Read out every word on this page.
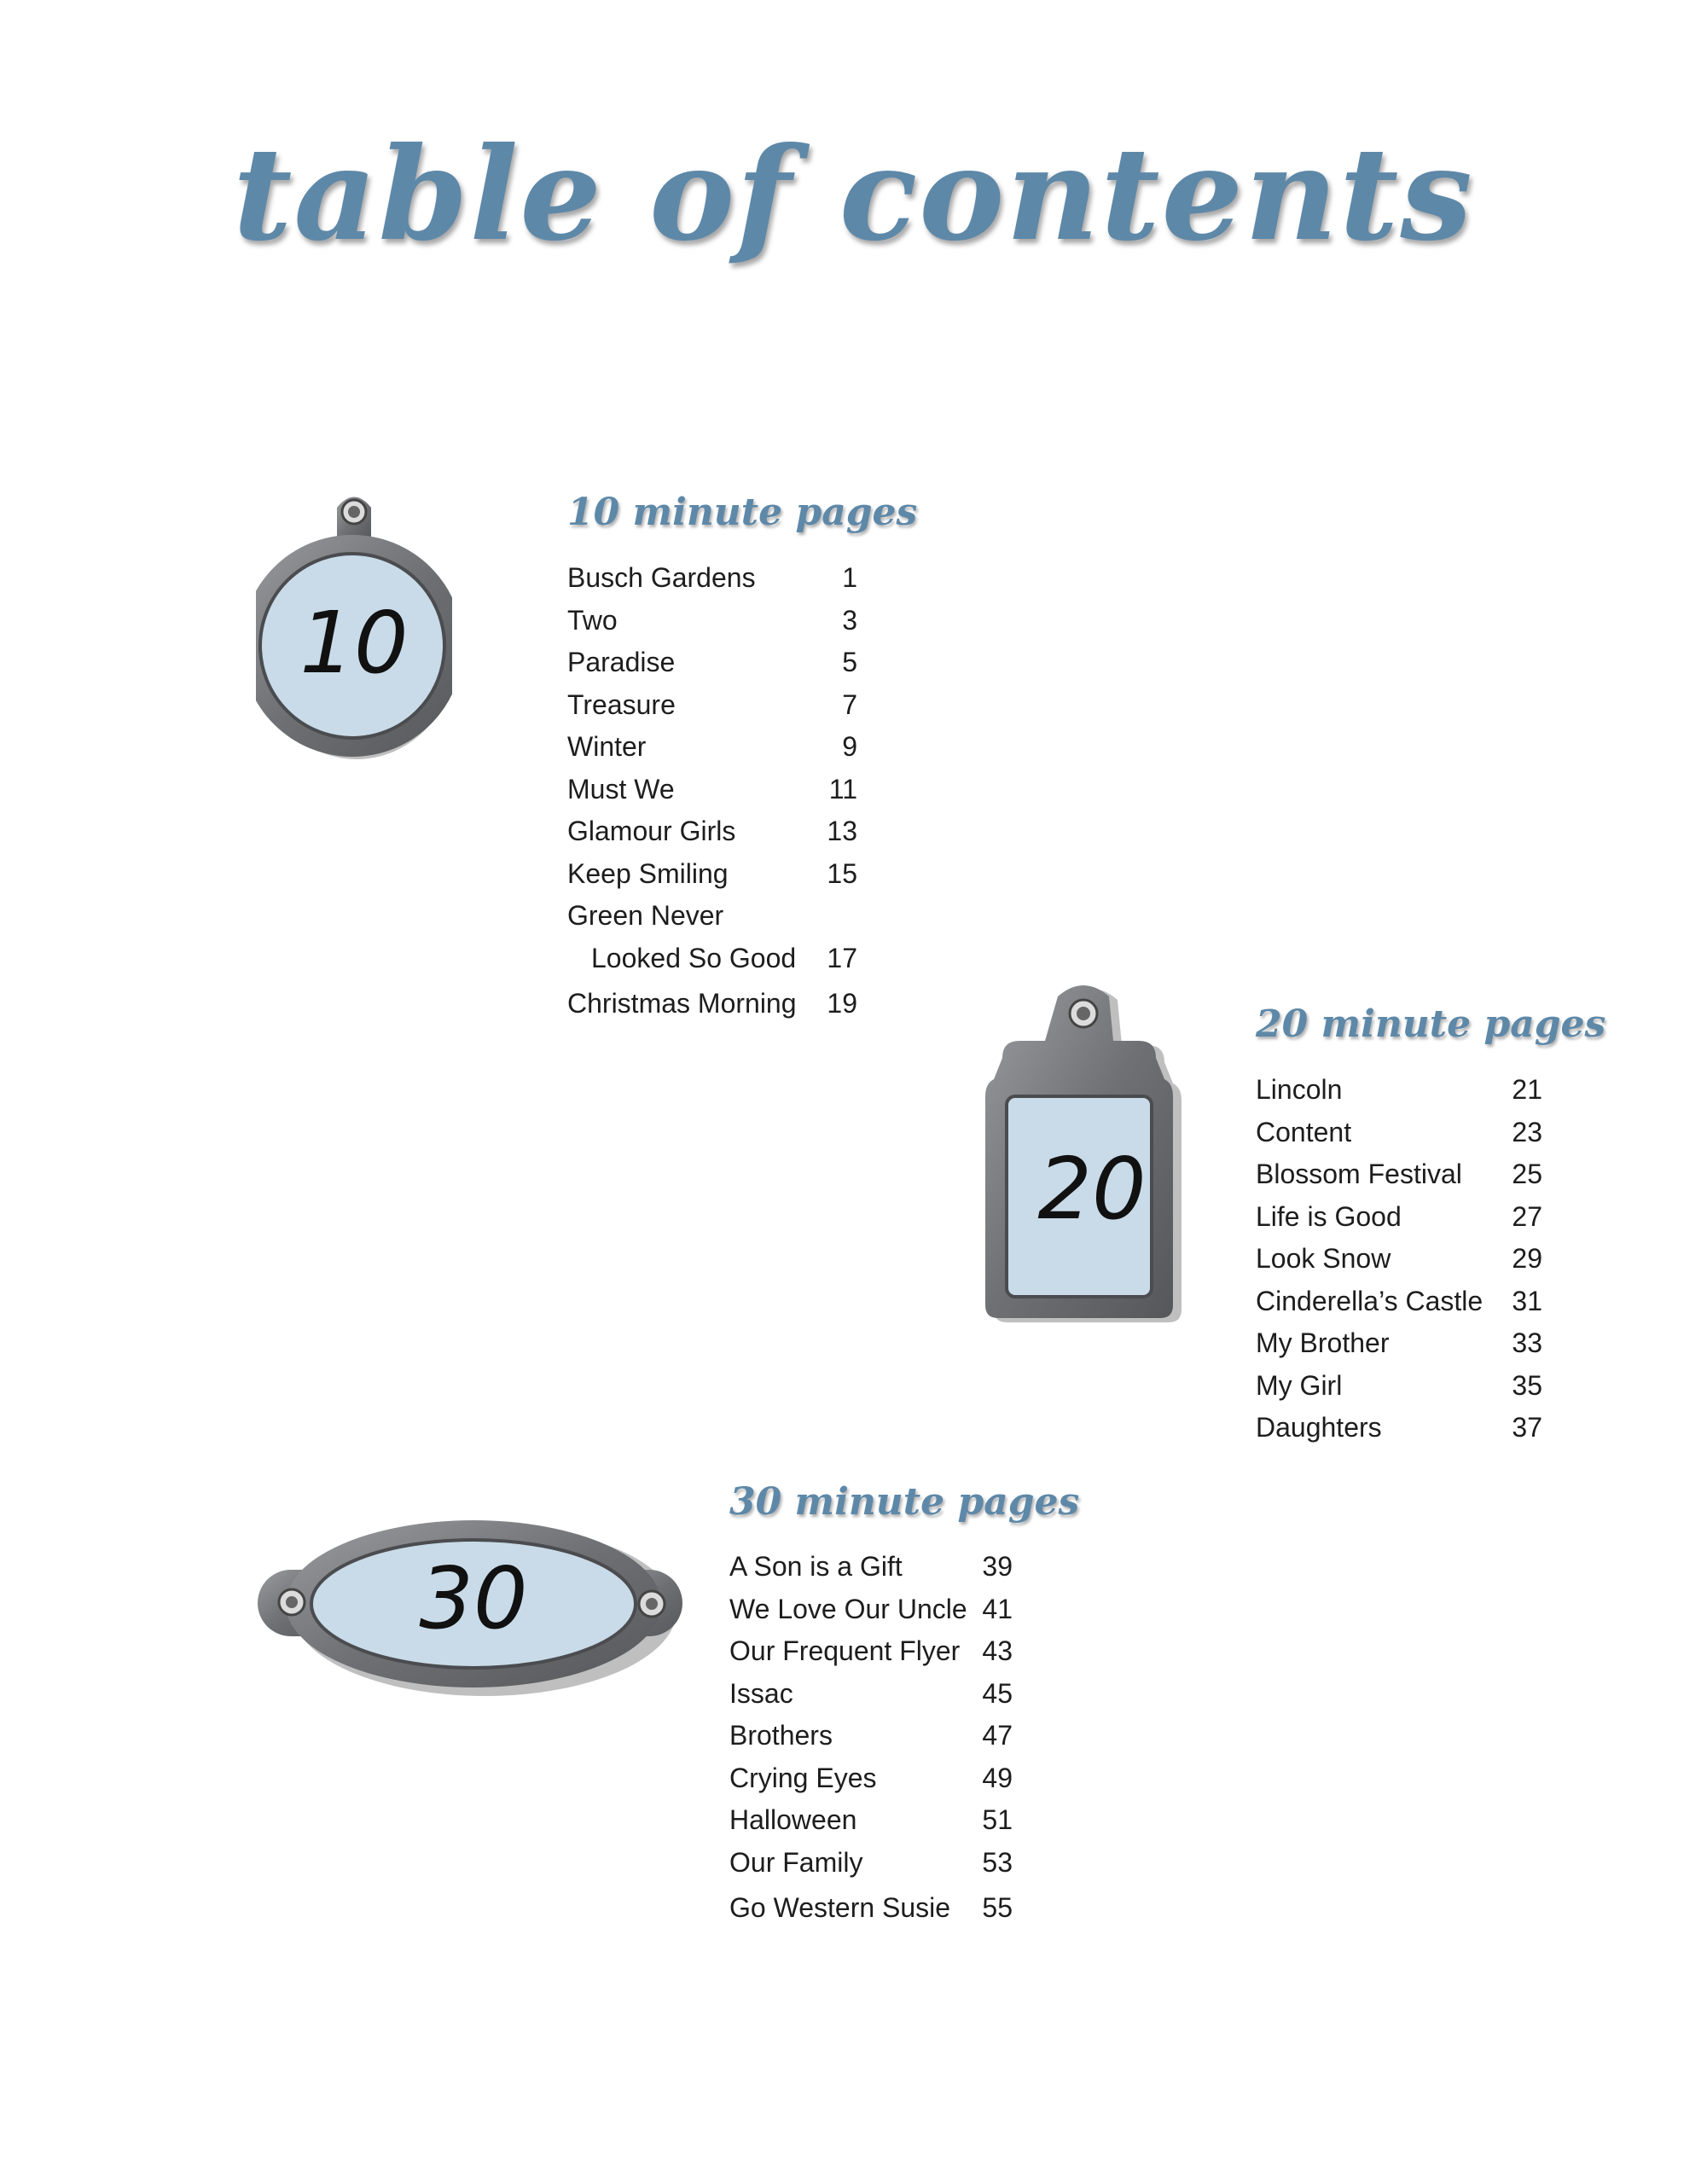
table of contents
10
10 minute pages
Busch Gardens	1
Two	3
Paradise	5
Treasure	7
Winter	9
Must We	11
Glamour Girls	13
Keep Smiling	15
Green Never
Looked So Good 17
Christmas Morning 19
20
20 minute pages
Lincoln	21
Content	23
Blossom Festival 25
Life is Good	27
Look Snow	29
Cinderella’s Castle 31
My Brother	33
My Girl	35
Daughters	37
30
30 minute pages
A Son is a Gift	39
We Love Our Uncle 41
Our Frequent Flyer 43
Issac	45
Brothers	47
Crying Eyes	49
Halloween	51
Our Family	53
Go Western Susie 55
